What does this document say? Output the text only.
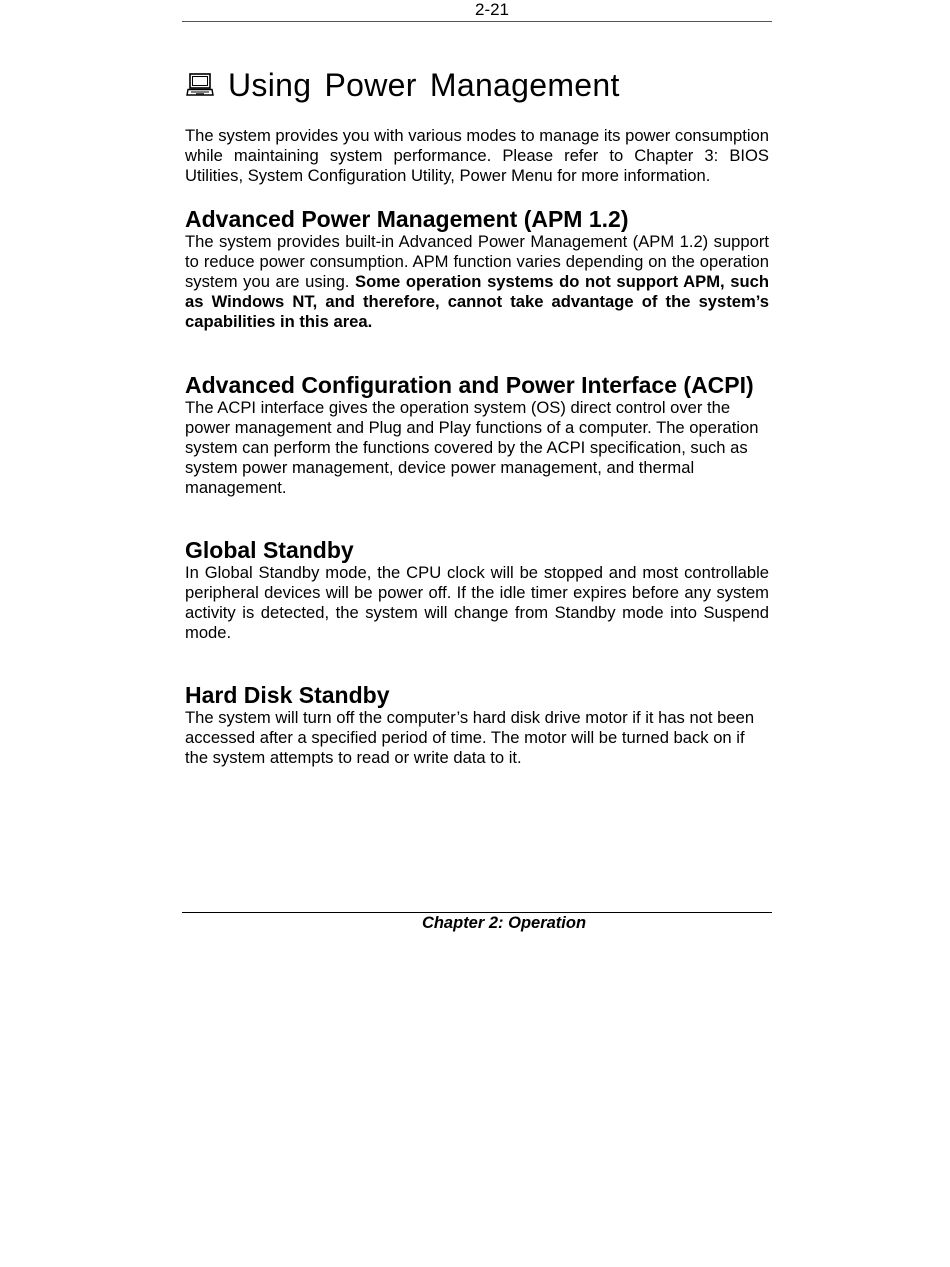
2-21
Using Power Management

The system provides you with various modes to manage its power consumption while maintaining system performance. Please refer to Chapter 3: BIOS Utilities, System Configuration Utility, Power Menu for more information.

Advanced Power Management (APM 1.2)

The system provides built-in Advanced Power Management (APM 1.2) support to reduce power consumption. APM function varies depending on the operation system you are using. Some operation systems do not support APM, such as Windows NT, and therefore, cannot take advantage of the system’s capabilities in this area.

Advanced Configuration and Power Interface (ACPI)

The ACPI interface gives the operation system (OS) direct control over the power management and Plug and Play functions of a computer. The operation system can perform the functions covered by the ACPI specification, such as system power management, device power management, and thermal management.

Global Standby

In Global Standby mode, the CPU clock will be stopped and most controllable peripheral devices will be power off. If the idle timer expires before any system activity is detected, the system will change from Standby mode into Suspend mode.

Hard Disk Standby

The system will turn off the computer’s hard disk drive motor if it has not been accessed after a specified period of time. The motor will be turned back on if the system attempts to read or write data to it.

Chapter 2: Operation
